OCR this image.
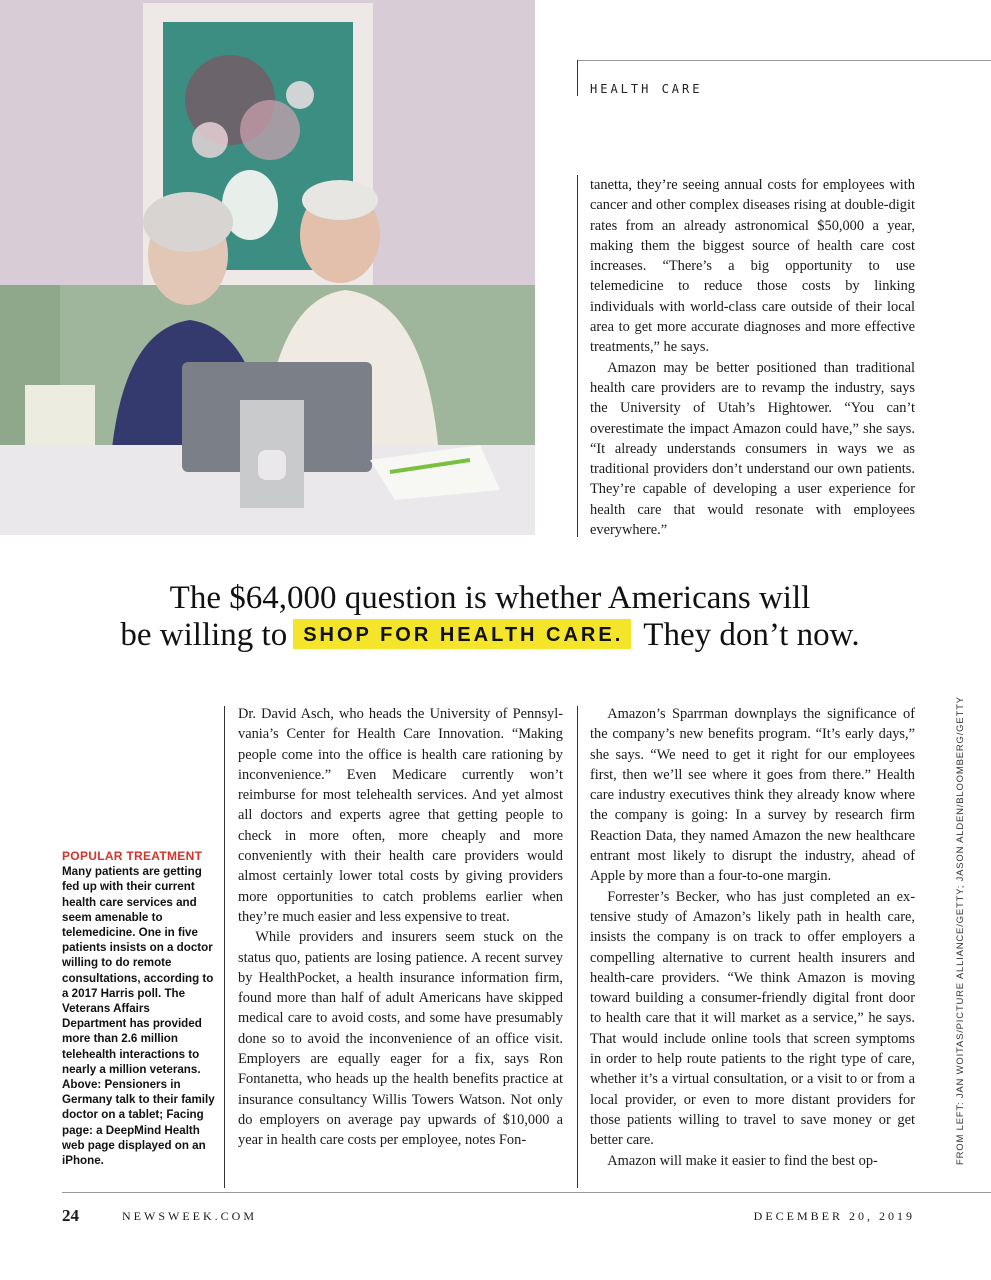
HEALTH CARE

tanetta, they’re seeing annual costs for employees with cancer and other complex diseases rising at double-digit rates from an already astronomical $50,000 a year, making them the biggest source of health care cost increases. “There’s a big opportunity to use telemedicine to reduce those costs by linking individuals with world-class care outside of their local area to get more accurate diagnoses and more effective treatments,” he says.

Amazon may be better positioned than traditional health care providers are to revamp the industry, says the University of Utah’s Hightower. “You can’t overestimate the impact Amazon could have,” she says. “It already understands consumers in ways we as traditional providers don’t understand our own patients. They’re capable of developing a user experience for health care that would resonate with employees everywhere.”

The $64,000 question is whether Americans will
be willing to SHOP FOR HEALTH CARE. They don’t now.
POPULAR TREATMENT
Many patients are getting fed up with their current health care services and seem amenable to telemedicine. One in five patients insists on a doctor willing to do remote consultations, according to a 2017 Harris poll. The Veterans Affairs Department has provided more than 2.6 million telehealth interactions to nearly a million veterans. Above: Pensioners in Germany talk to their family doctor on a tablet; Facing page: a DeepMind Health web page displayed on an iPhone.

Dr. David Asch, who heads the University of Pennsylvania’s Center for Health Care Innovation. “Making people come into the office is health care rationing by inconvenience.” Even Medicare currently won’t reimburse for most telehealth services. And yet almost all doctors and experts agree that getting people to check in more often, more cheaply and more conveniently with their health care providers would almost certainly lower total costs by giving providers more opportunities to catch problems earlier when they’re much easier and less expensive to treat.

While providers and insurers seem stuck on the status quo, patients are losing patience. A recent survey by HealthPocket, a health insurance information firm, found more than half of adult Americans have skipped medical care to avoid costs, and some have presumably done so to avoid the inconvenience of an office visit. Employers are equally eager for a fix, says Ron Fontanetta, who heads up the health benefits practice at insurance consultancy Willis Towers Watson. Not only do employers on average pay upwards of $10,000 a year in health care costs per employee, notes Fon-

Amazon’s Sparrman downplays the significance of the company’s new benefits program. “It’s early days,” she says. “We need to get it right for our employees first, then we’ll see where it goes from there.” Health care industry executives think they already know where the company is going: In a survey by research firm Reaction Data, they named Amazon the new healthcare entrant most likely to disrupt the industry, ahead of Apple by more than a four-to-one margin.

Forrester’s Becker, who has just completed an extensive study of Amazon’s likely path in health care, insists the company is on track to offer employers a compelling alternative to current health insurers and health-care providers. “We think Amazon is moving toward building a consumer-friendly digital front door to health care that it will market as a service,” he says. That would include online tools that screen symptoms in order to help route patients to the right type of care, whether it’s a virtual consultation, or a visit to or from a local provider, or even to more distant providers for those patients willing to travel to save money or get better care.

Amazon will make it easier to find the best op-	FROM LEFT: JAN WOITAS/PICTURE ALLIANCE/GETTY; JASON ALDEN/BLOOMBERG/GETTY
24	NEWSWEEK.COM	DECEMBER 20, 2019
